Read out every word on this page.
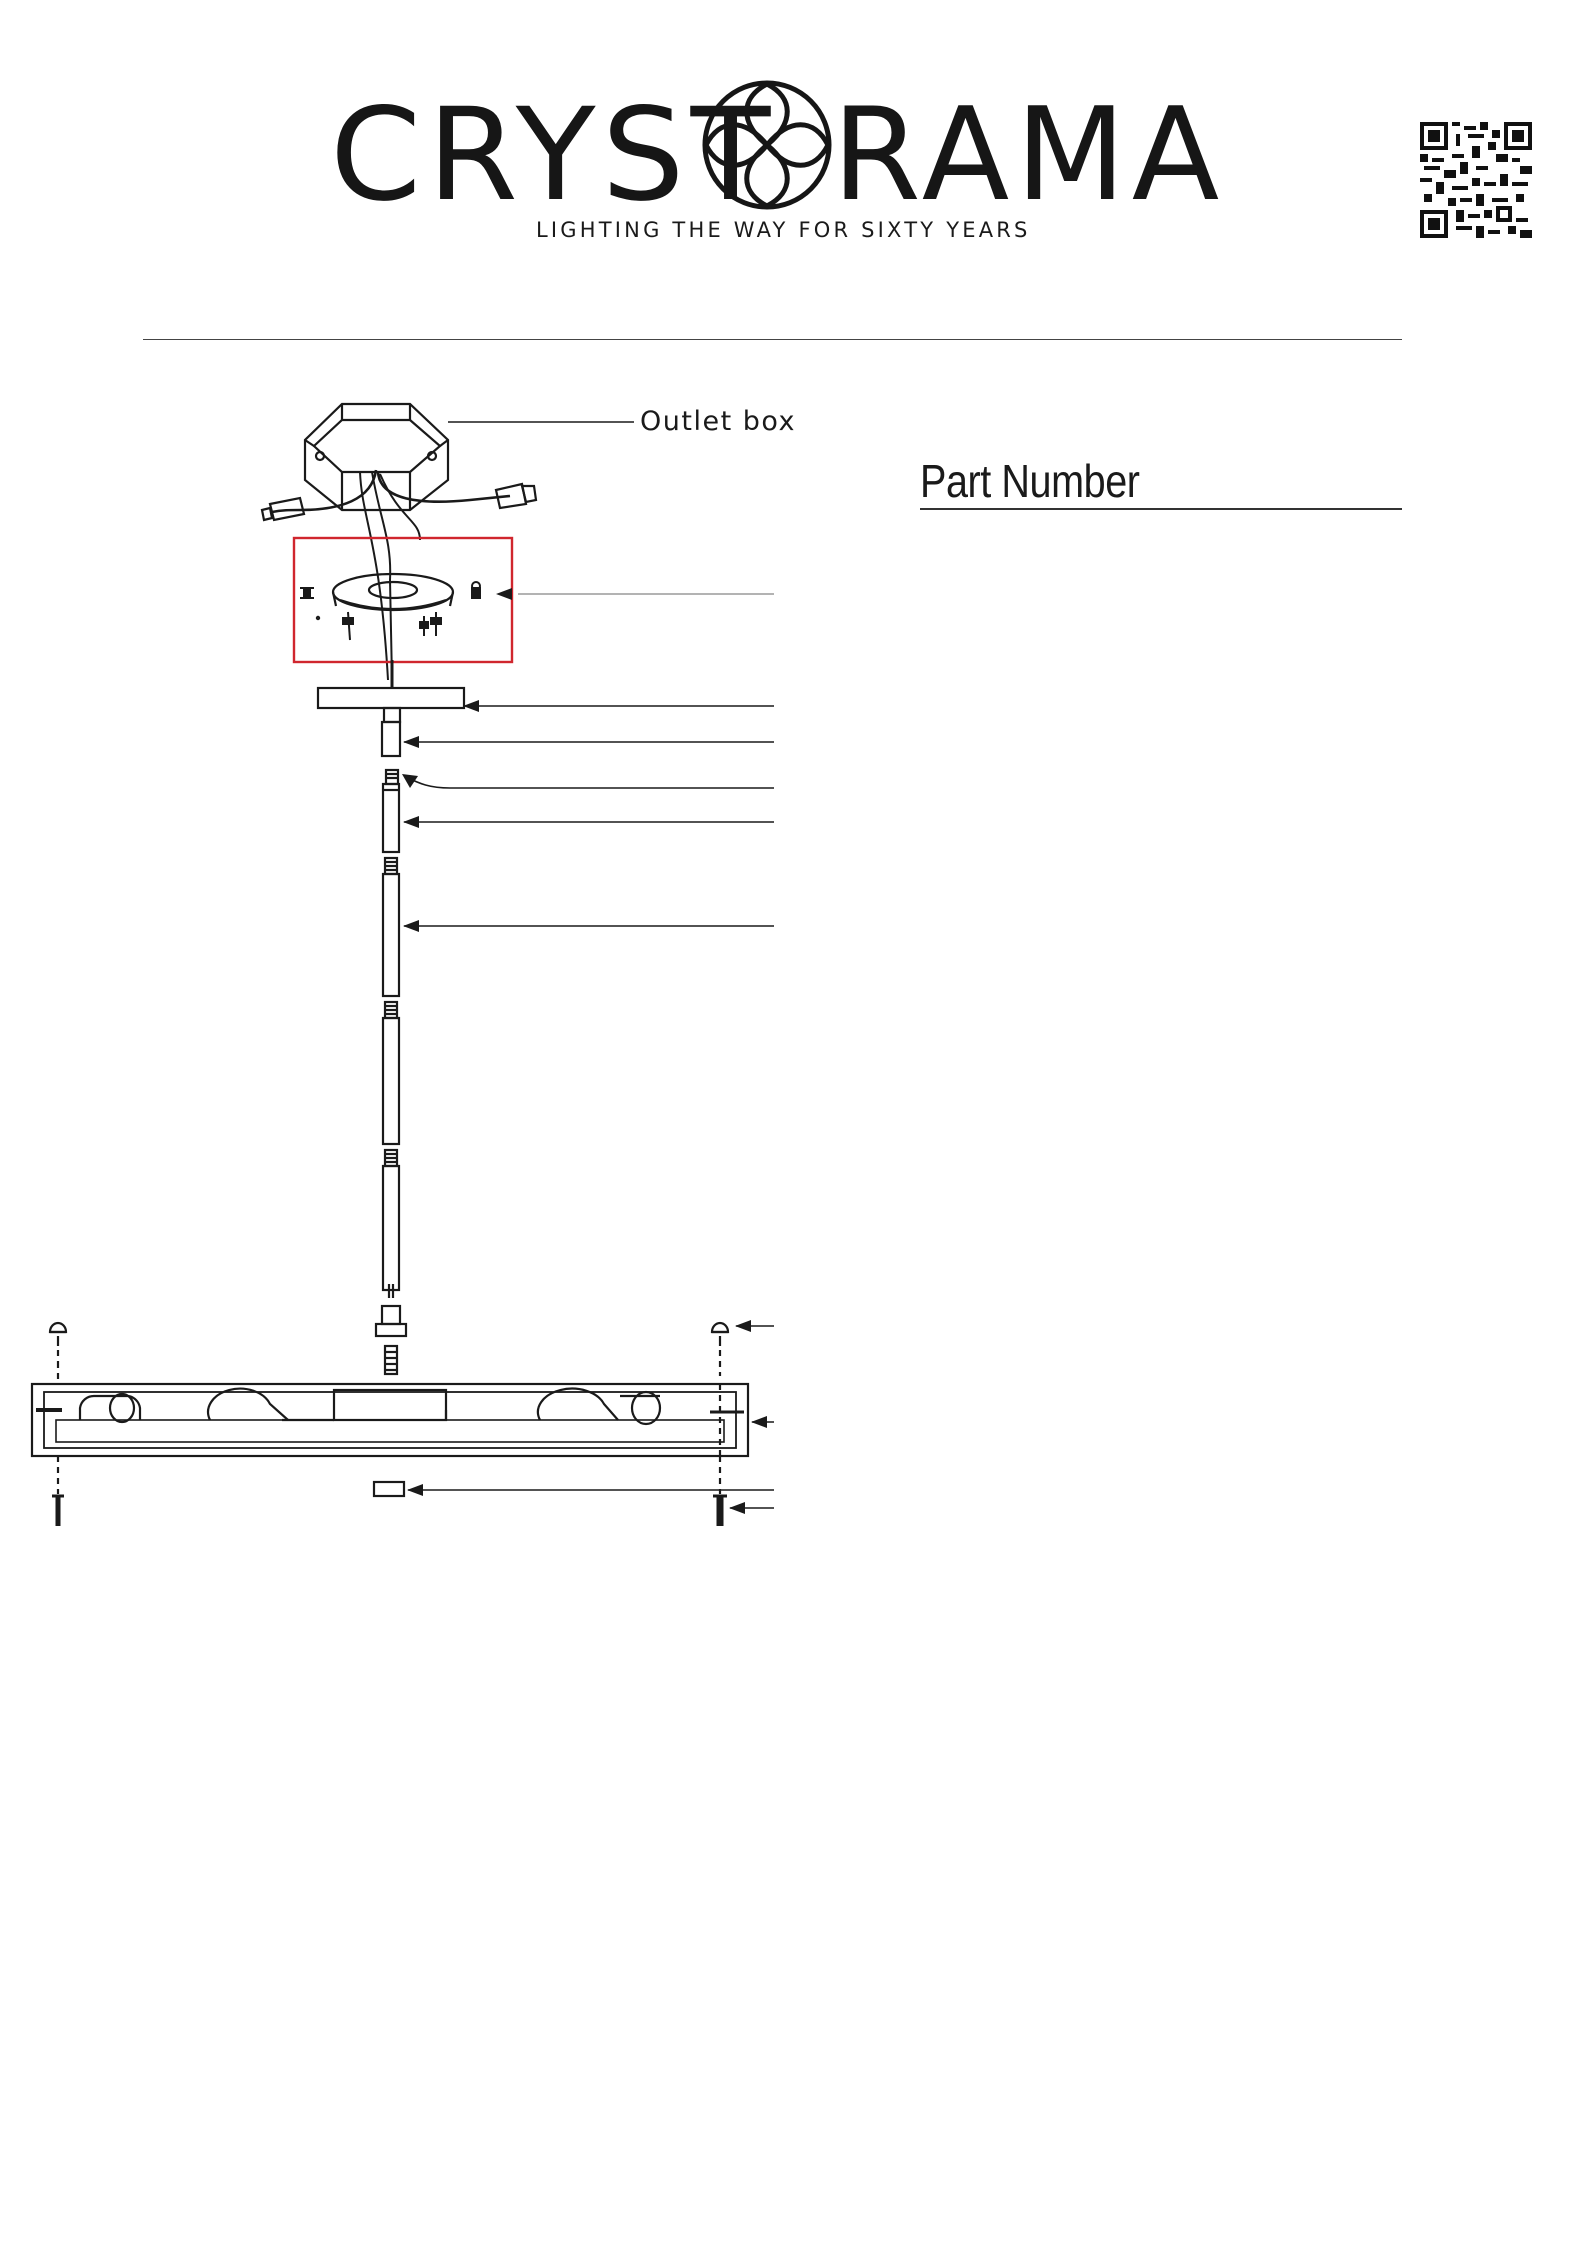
CRYST RAMA
LIGHTING THE WAY FOR SIXTY YEARS
Part Number
Outlet box
